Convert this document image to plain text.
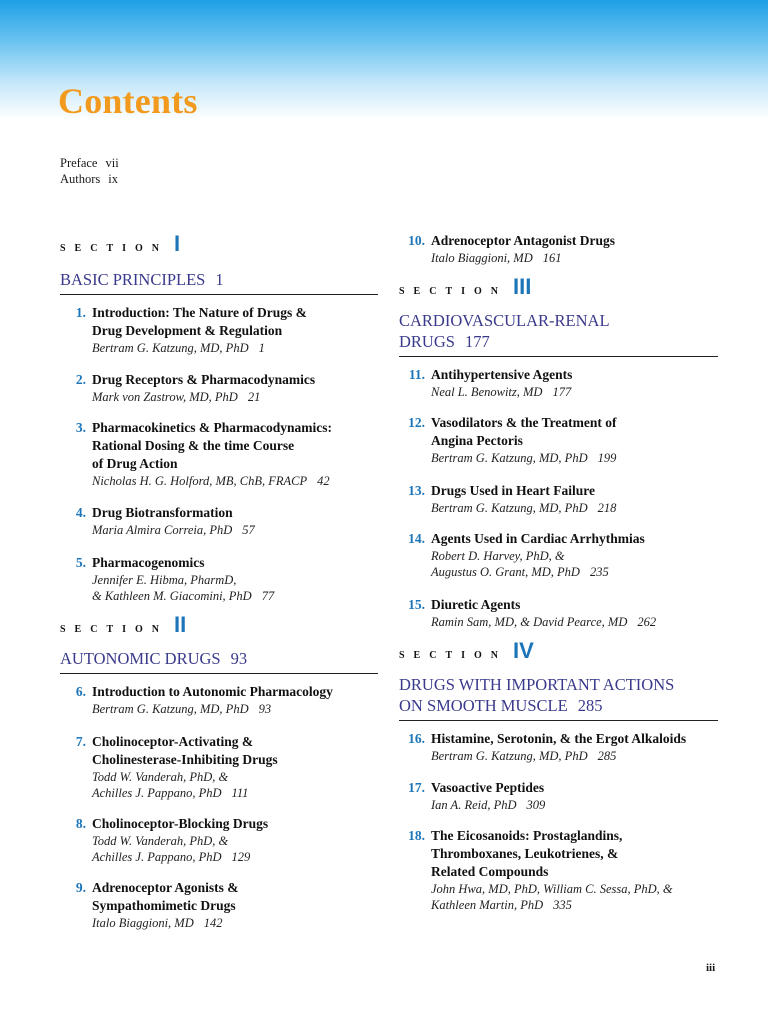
Contents
Preface vii
Authors ix
SECTION I
BASIC PRINCIPLES 1
1. Introduction: The Nature of Drugs &
Drug Development & Regulation
Bertram G. Katzung, MD, PhD 1
2. Drug Receptors & Pharmacodynamics
Mark von Zastrow, MD, PhD 21
3. Pharmacokinetics & Pharmacodynamics:
Rational Dosing & the time Course
of Drug Action
Nicholas H. G. Holford, MB, ChB, FRACP 42
4. Drug Biotransformation
Maria Almira Correia, PhD 57
5. Pharmacogenomics
Jennifer E. Hibma, PharmD,
& Kathleen M. Giacomini, PhD 77
SECTION II
AUTONOMIC DRUGS 93
6. Introduction to Autonomic Pharmacology
Bertram G. Katzung, MD, PhD 93
7. Cholinoceptor-Activating &
Cholinesterase-Inhibiting Drugs
Todd W. Vanderah, PhD, &
Achilles J. Pappano, PhD 111
8. Cholinoceptor-Blocking Drugs
Todd W. Vanderah, PhD, &
Achilles J. Pappano, PhD 129
9. Adrenoceptor Agonists &
Sympathomimetic Drugs
Italo Biaggioni, MD 142
10. Adrenoceptor Antagonist Drugs
Italo Biaggioni, MD 161
SECTION III
CARDIOVASCULAR-RENAL
DRUGS 177
11. Antihypertensive Agents
Neal L. Benowitz, MD 177
12. Vasodilators & the Treatment of
Angina Pectoris
Bertram G. Katzung, MD, PhD 199
13. Drugs Used in Heart Failure
Bertram G. Katzung, MD, PhD 218
14. Agents Used in Cardiac Arrhythmias
Robert D. Harvey, PhD, &
Augustus O. Grant, MD, PhD 235
15. Diuretic Agents
Ramin Sam, MD, & David Pearce, MD 262
SECTION IV
DRUGS WITH IMPORTANT ACTIONS
ON SMOOTH MUSCLE 285
16. Histamine, Serotonin, & the Ergot Alkaloids
Bertram G. Katzung, MD, PhD 285
17. Vasoactive Peptides
Ian A. Reid, PhD 309
18. The Eicosanoids: Prostaglandins,
Thromboxanes, Leukotrienes, &
Related Compounds
John Hwa, MD, PhD, William C. Sessa, PhD, &
Kathleen Martin, PhD 335
iii
